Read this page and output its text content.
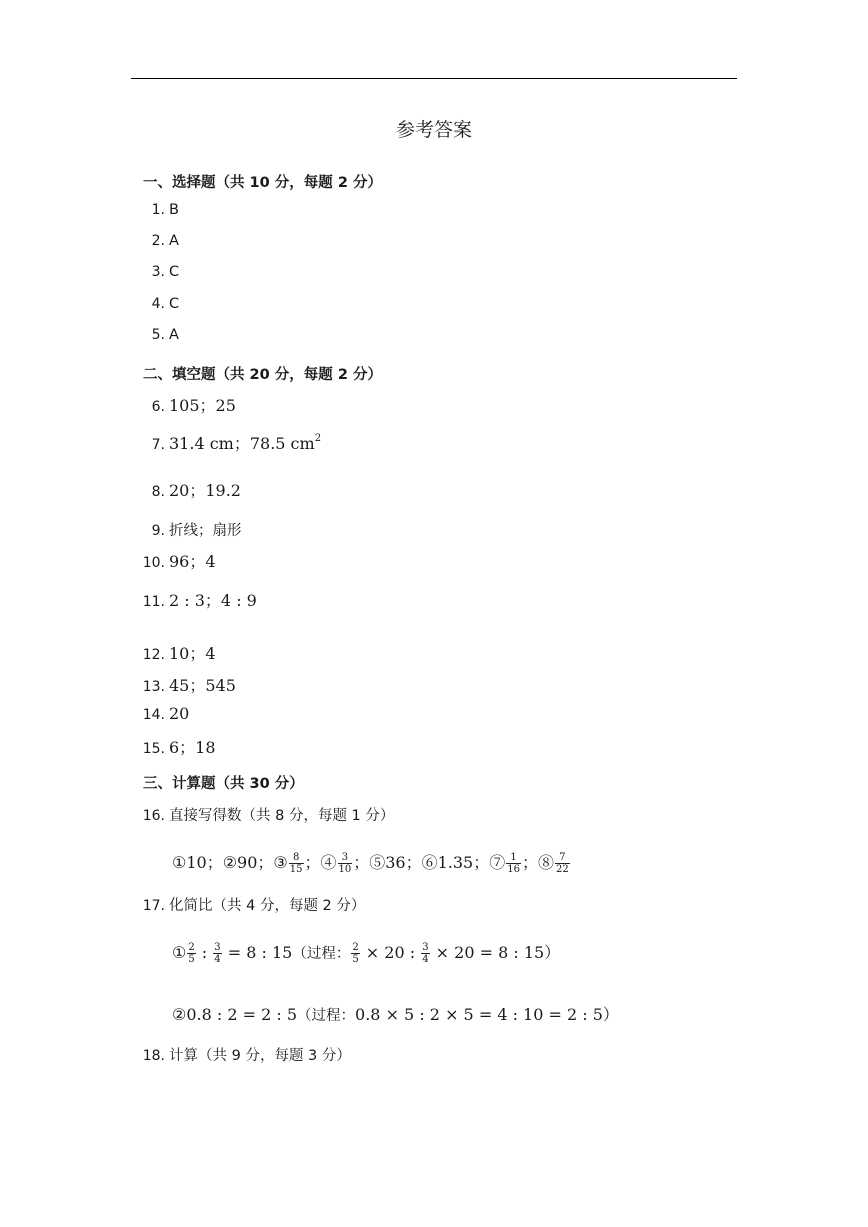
参考答案
一、选择题（共 10 分，每题 2 分）
1. B
2. A
3. C
4. C
5. A
二、填空题（共 20 分，每题 2 分）
6. 105；25
7. 31.4 cm；78.5 $cm^2$
8. 20；19.2
9. 折线；扇形
10. 96；4
11. 2 : 3；4 : 9
12. 10；4
13. 45；545
14. 20
15. 6；18
三、计算题（共 30 分）
16. 直接写得数（共 8 分，每题 1 分）
①10；②90；③ $\frac{8}{15}$ ；④ $\frac{3}{10}$ ；⑤36；⑥1.35；⑦ $\frac{1}{16}$ ；⑧ $\frac{7}{22}$
17. 化简比（共 4 分，每题 2 分）
① $\frac{2}{5}$ : $\frac{3}{4} = 8$ : 15（过程： $\frac{2}{5} \times 20$ : $\frac{3}{4} \times 20 = 8$ : 15）
②0.8 : 2 = 2 : 5（过程：0.8 × 5 : 2 × 5 = 4 : 10 = 2 : 5）
18. 计算（共 9 分，每题 3 分）
